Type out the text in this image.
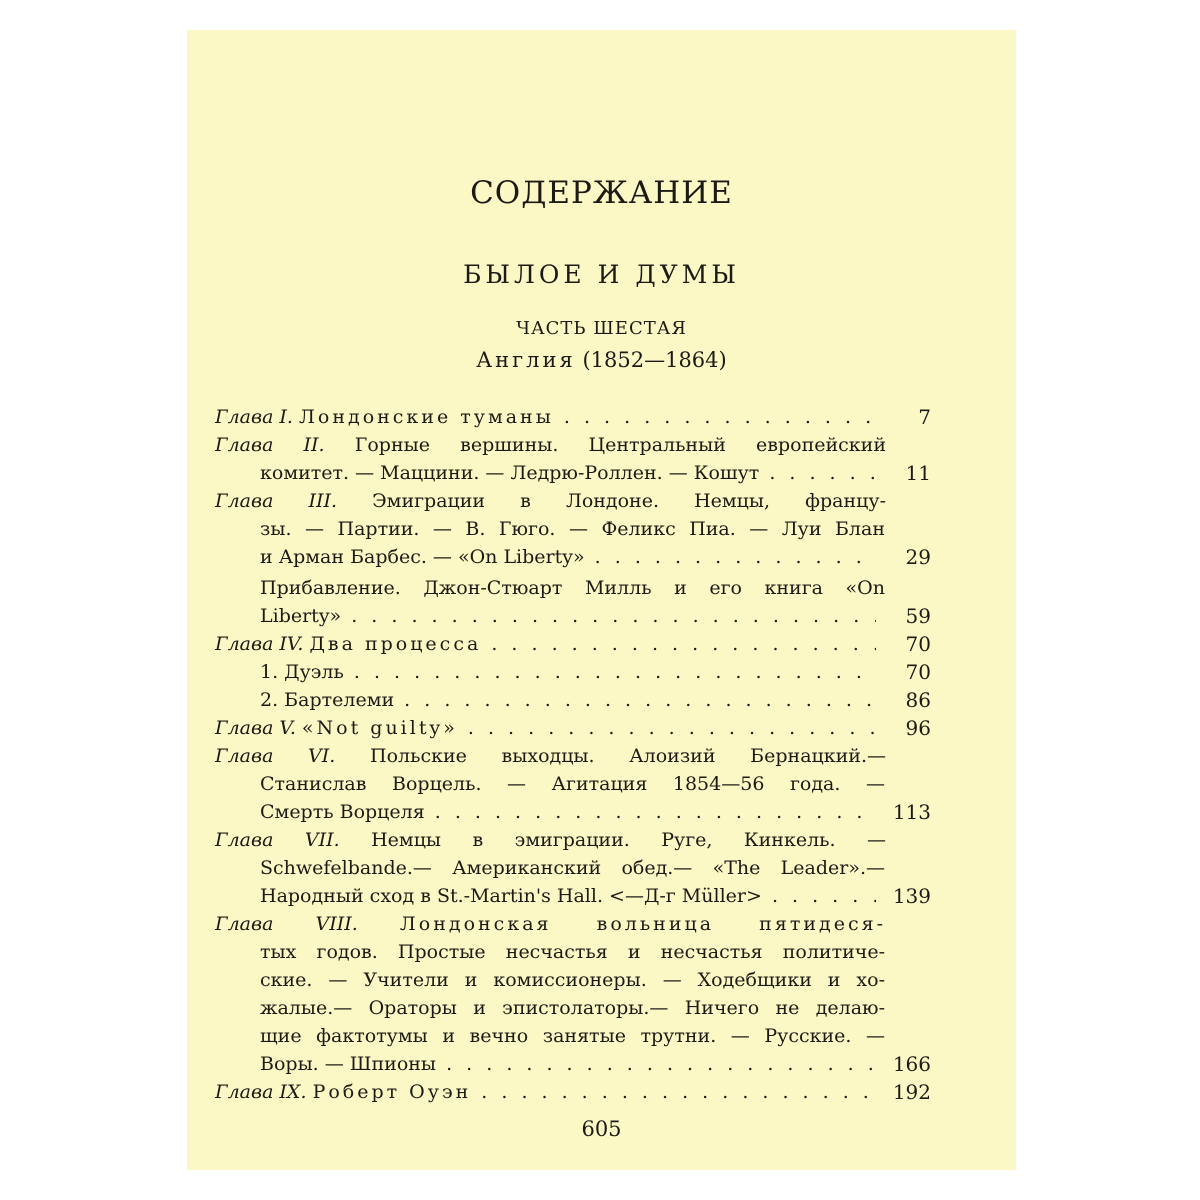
СОДЕРЖАНИЕ
БЫЛОЕ И ДУМЫ
ЧАСТЬ ШЕСТАЯ
Англия (1852—1864)
Глава I. Лондонские туманы . . .	7
Глава II. Горные вершины. Центральный европейский
комитет. — Маццини. — Ледрю-Роллен. — Кошут . . .	11
Глава III. Эмиграции в Лондоне. Немцы, францу-
зы. — Партии. — В. Гюго. — Феликс Пиа. — Луи Блан
и Арман Барбес. — «On Liberty» . . .	29
Прибавление. Джон-Стюарт Милль и его книга «On
Liberty» . . .	59
Глава IV. Два процесса . . .	70
1. Дуэль . . .	70
2. Бартелеми . . .	86
Глава V. «Not guilty» . . .	96
Глава VI. Польские выходцы. Алоизий Бернацкий.—
Станислав Ворцель. — Агитация 1854—56 года. —
Смерть Ворцеля . . .	113
Глава VII. Немцы в эмиграции. Руге, Кинкель. —
Schwefelbande.— Американский обед.— «The Leader».—
Народный сход в St.-Martin's Hall. <—Д-г Müller> . . .	139
Глава VIII. Лондонская вольница пятидеся-
тых годов. Простые несчастья и несчастья политиче-
ские. — Учители и комиссионеры. — Ходебщики и хо-
жалые.— Ораторы и эпистолаторы.— Ничего не делаю-
щие фактотумы и вечно занятые трутни. — Русские. —
Воры. — Шпионы . . .	166
Глава IX. Роберт Оуэн . . .	192
605
